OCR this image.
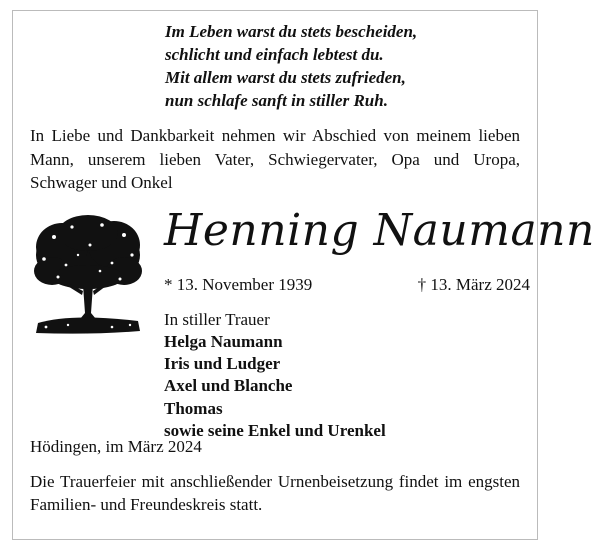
Im Leben warst du stets bescheiden,
schlicht und einfach lebtest du.
Mit allem warst du stets zufrieden,
nun schlafe sanft in stiller Ruh.
In Liebe und Dankbarkeit nehmen wir Abschied von meinem lieben Mann, unserem lieben Vater, Schwiegervater, Opa und Uropa, Schwager und Onkel
Henning Naumann
* 13. November 1939	† 13. März 2024
In stiller Trauer
Helga Naumann
Iris und Ludger
Axel und Blanche
Thomas
sowie seine Enkel und Urenkel
Hödingen, im März 2024
Die Trauerfeier mit anschließender Urnenbeisetzung findet im engsten Familien- und Freundeskreis statt.
